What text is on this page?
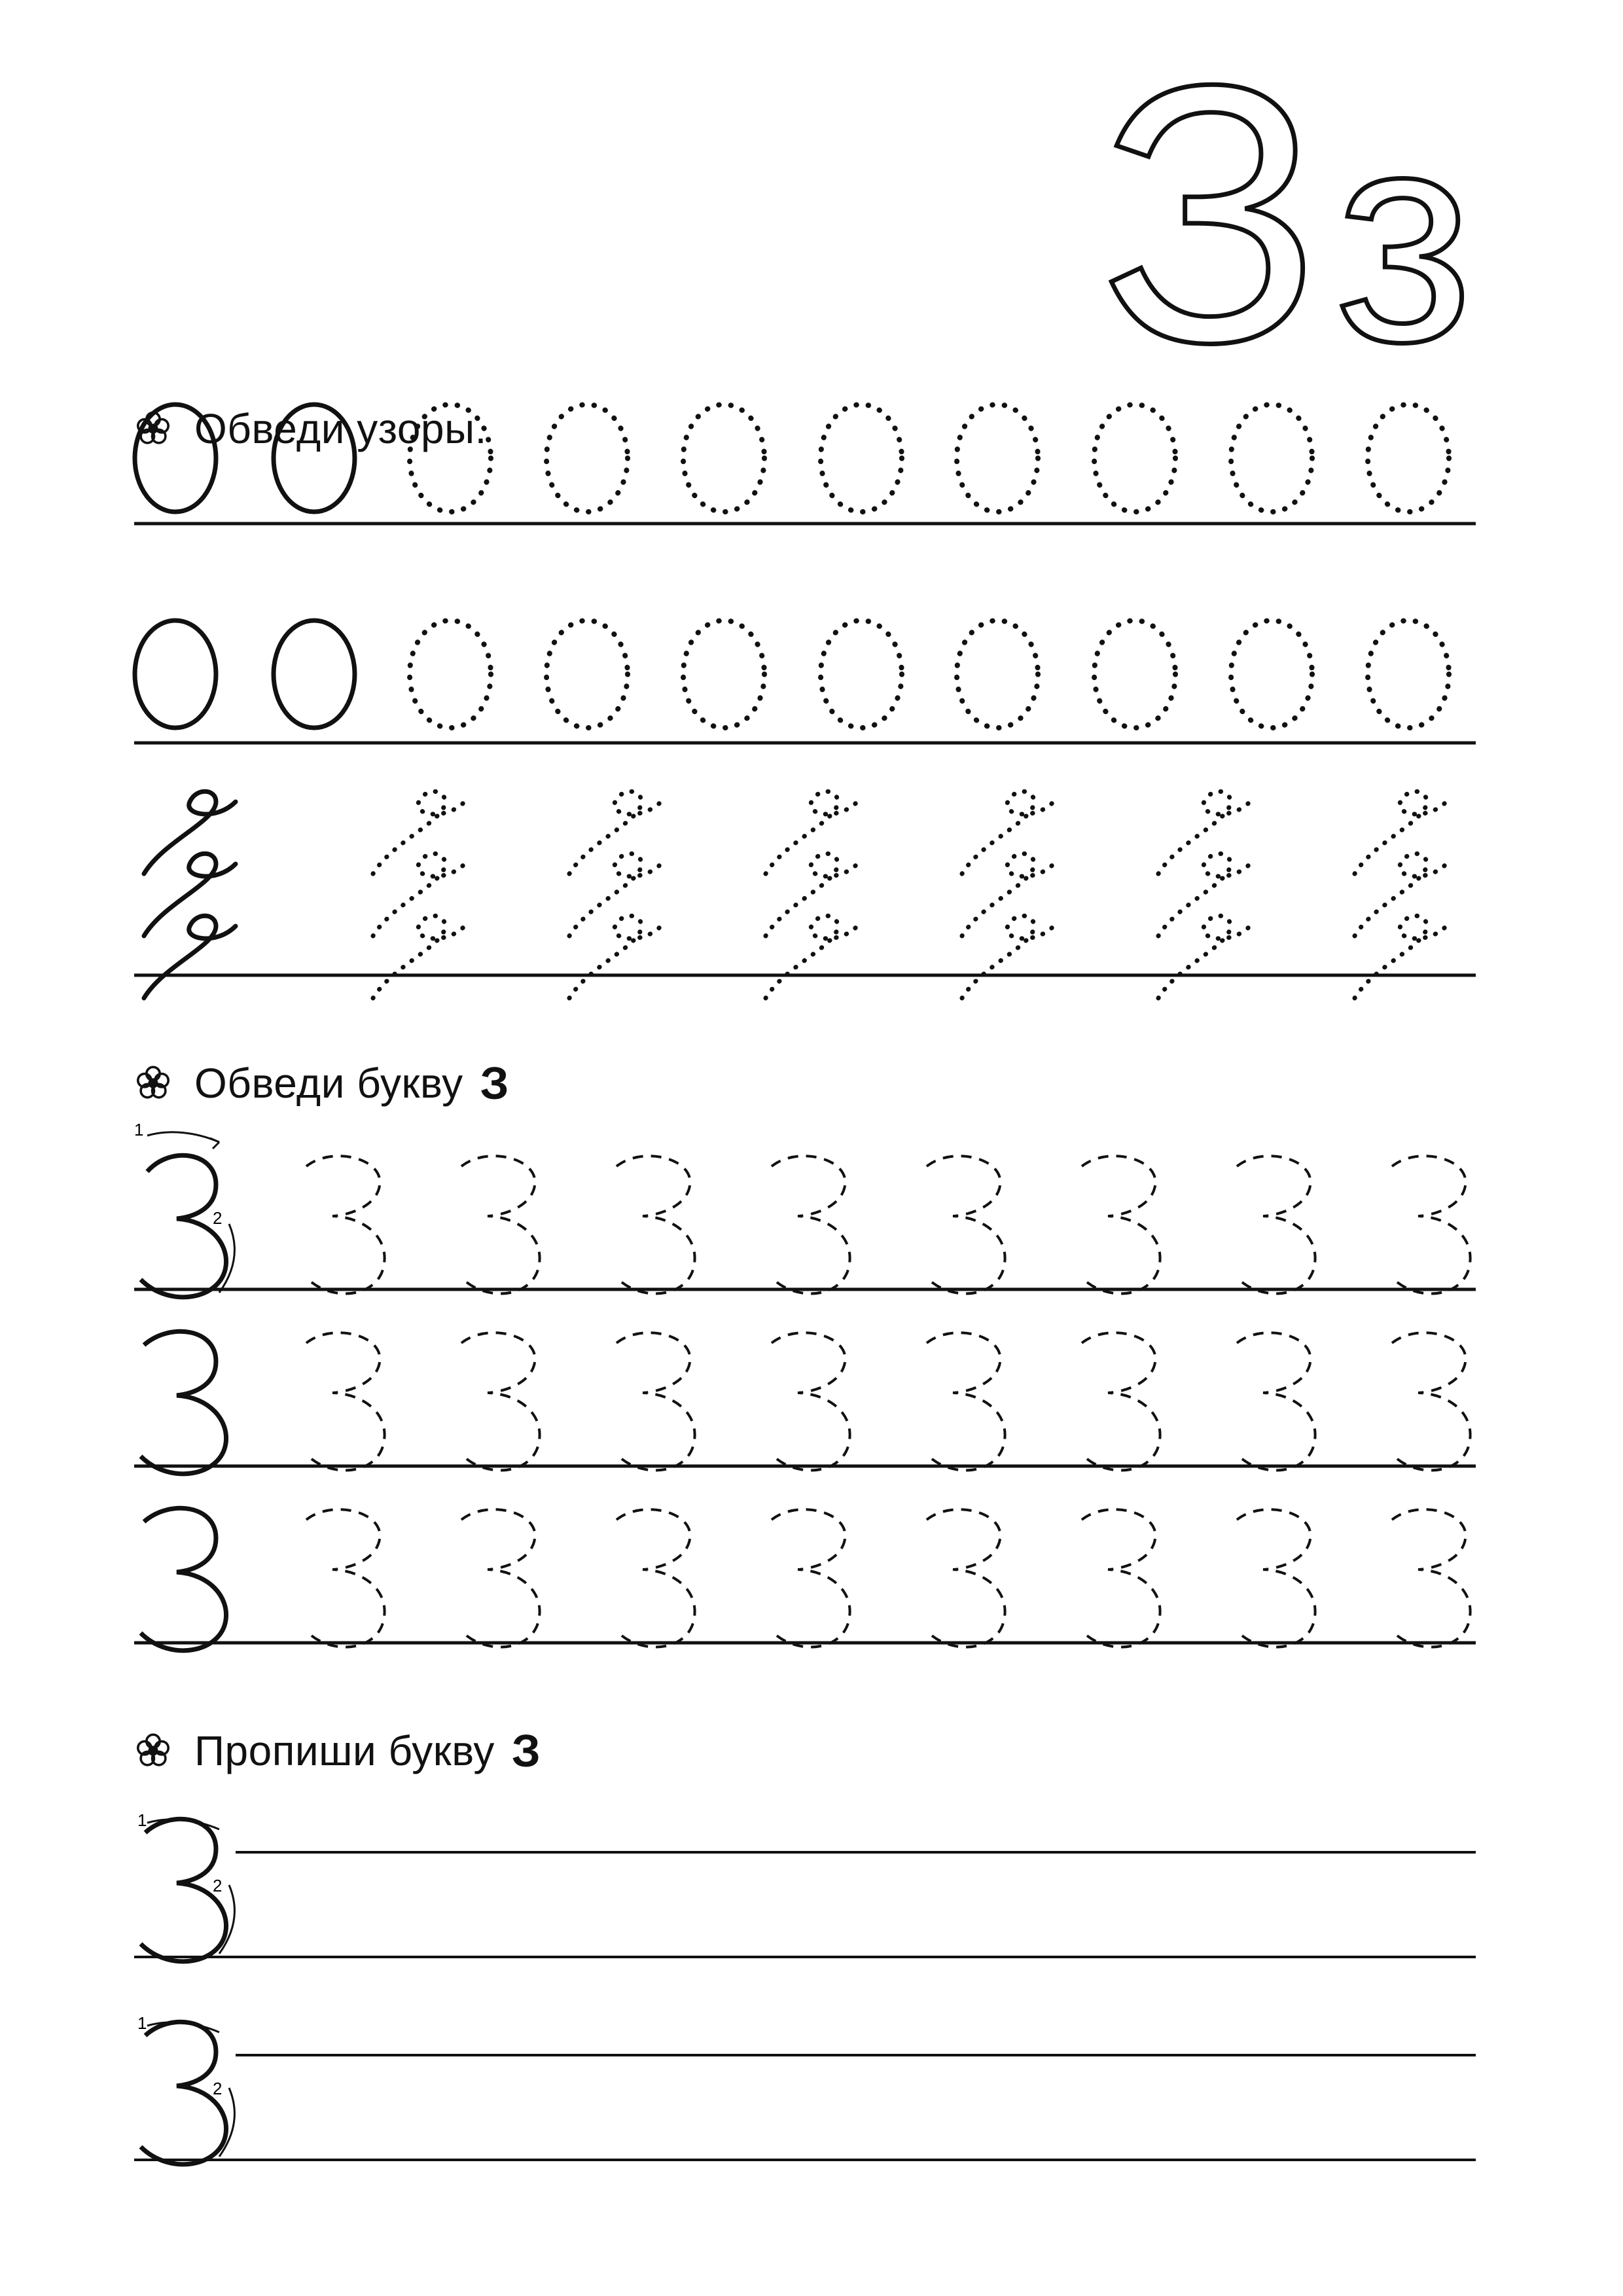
З з
1
2
1
2
1
2
Обведи узоры.
Обведи букву З
Пропиши букву З
